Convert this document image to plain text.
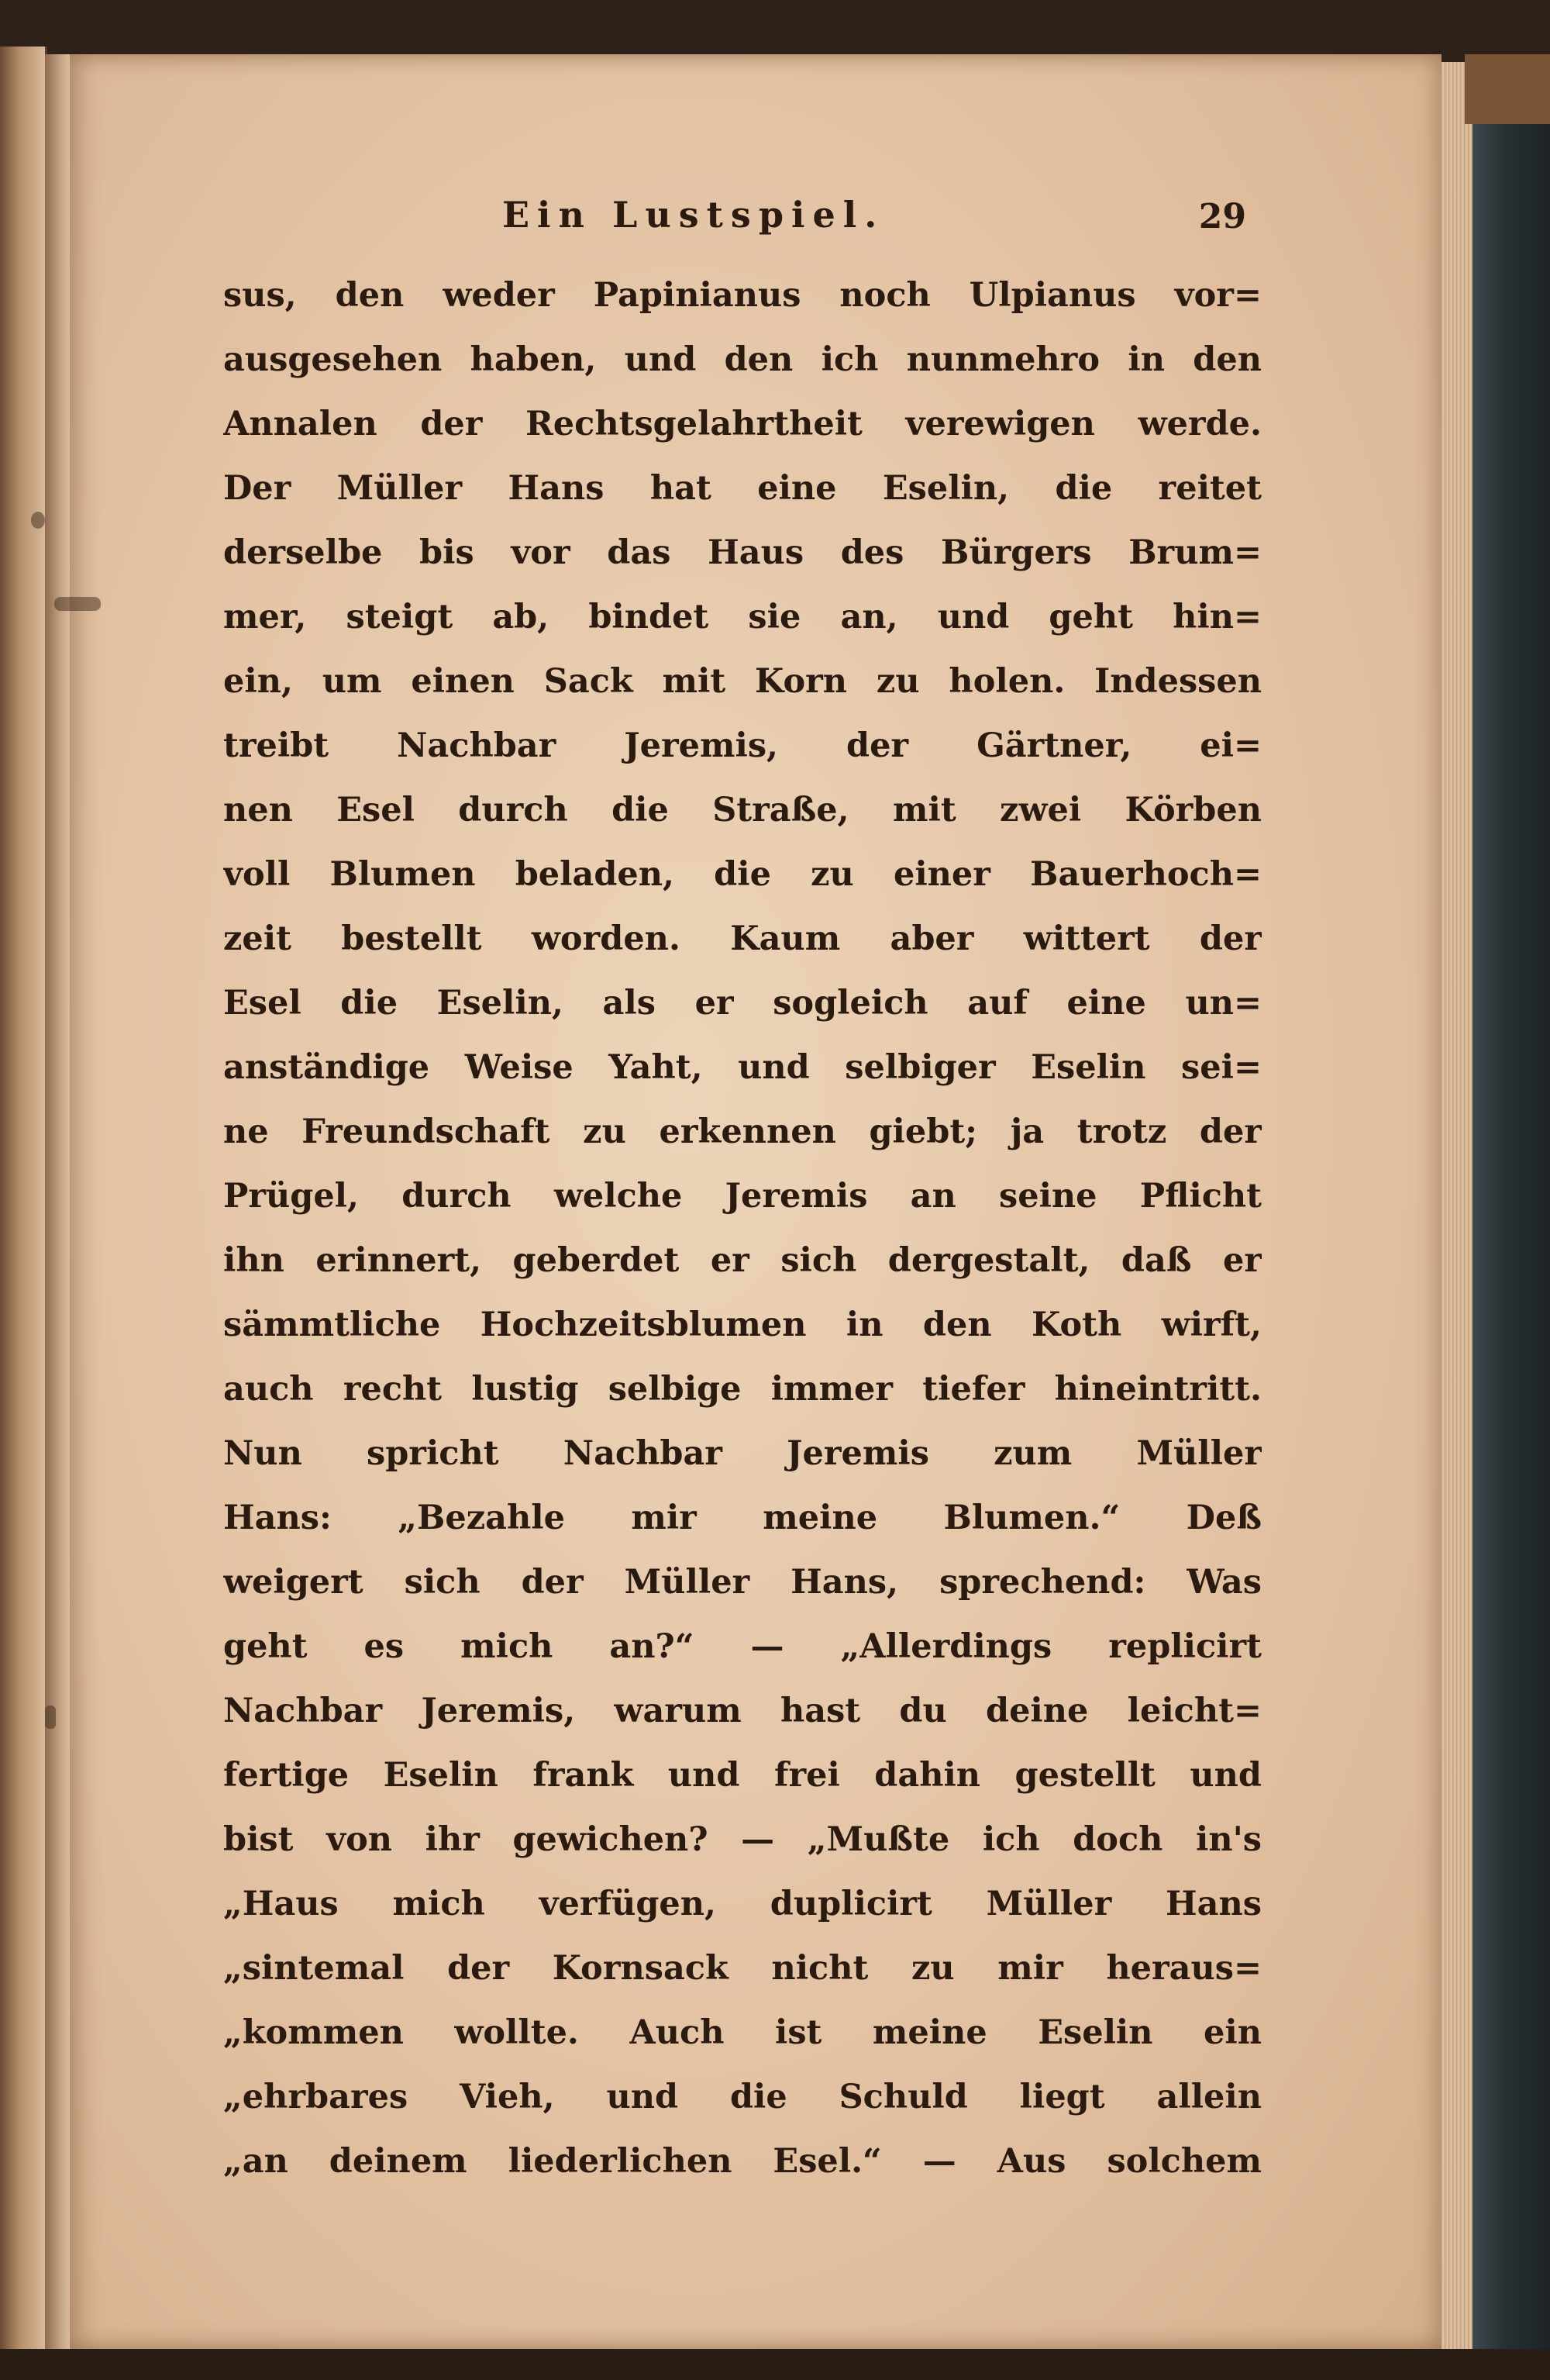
Ein Lustspiel.	29
sus, den weder Papinianus noch Ulpianus vor=
ausgesehen haben, und den ich nunmehro in den
Annalen der Rechtsgelahrtheit verewigen werde.
Der Müller Hans hat eine Eselin, die reitet
derselbe bis vor das Haus des Bürgers Brum=
mer, steigt ab, bindet sie an, und geht hin=
ein, um einen Sack mit Korn zu holen. Indessen
treibt Nachbar Jeremis, der Gärtner, ei=
nen Esel durch die Straße, mit zwei Körben
voll Blumen beladen, die zu einer Bauerhoch=
zeit bestellt worden. Kaum aber wittert der
Esel die Eselin, als er sogleich auf eine un=
anständige Weise Yaht, und selbiger Eselin sei=
ne Freundschaft zu erkennen giebt; ja trotz der
Prügel, durch welche Jeremis an seine Pflicht
ihn erinnert, geberdet er sich dergestalt, daß er
sämmtliche Hochzeitsblumen in den Koth wirft,
auch recht lustig selbige immer tiefer hineintritt.
Nun spricht Nachbar Jeremis zum Müller
Hans: „Bezahle mir meine Blumen.“ Deß
weigert sich der Müller Hans, sprechend: Was
geht es mich an?“ — „Allerdings replicirt
Nachbar Jeremis, warum hast du deine leicht=
fertige Eselin frank und frei dahin gestellt und
bist von ihr gewichen? — „Mußte ich doch in's
„Haus mich verfügen, duplicirt Müller Hans
„sintemal der Kornsack nicht zu mir heraus=
„kommen wollte. Auch ist meine Eselin ein
„ehrbares Vieh, und die Schuld liegt allein
„an deinem liederlichen Esel.“ — Aus solchem
